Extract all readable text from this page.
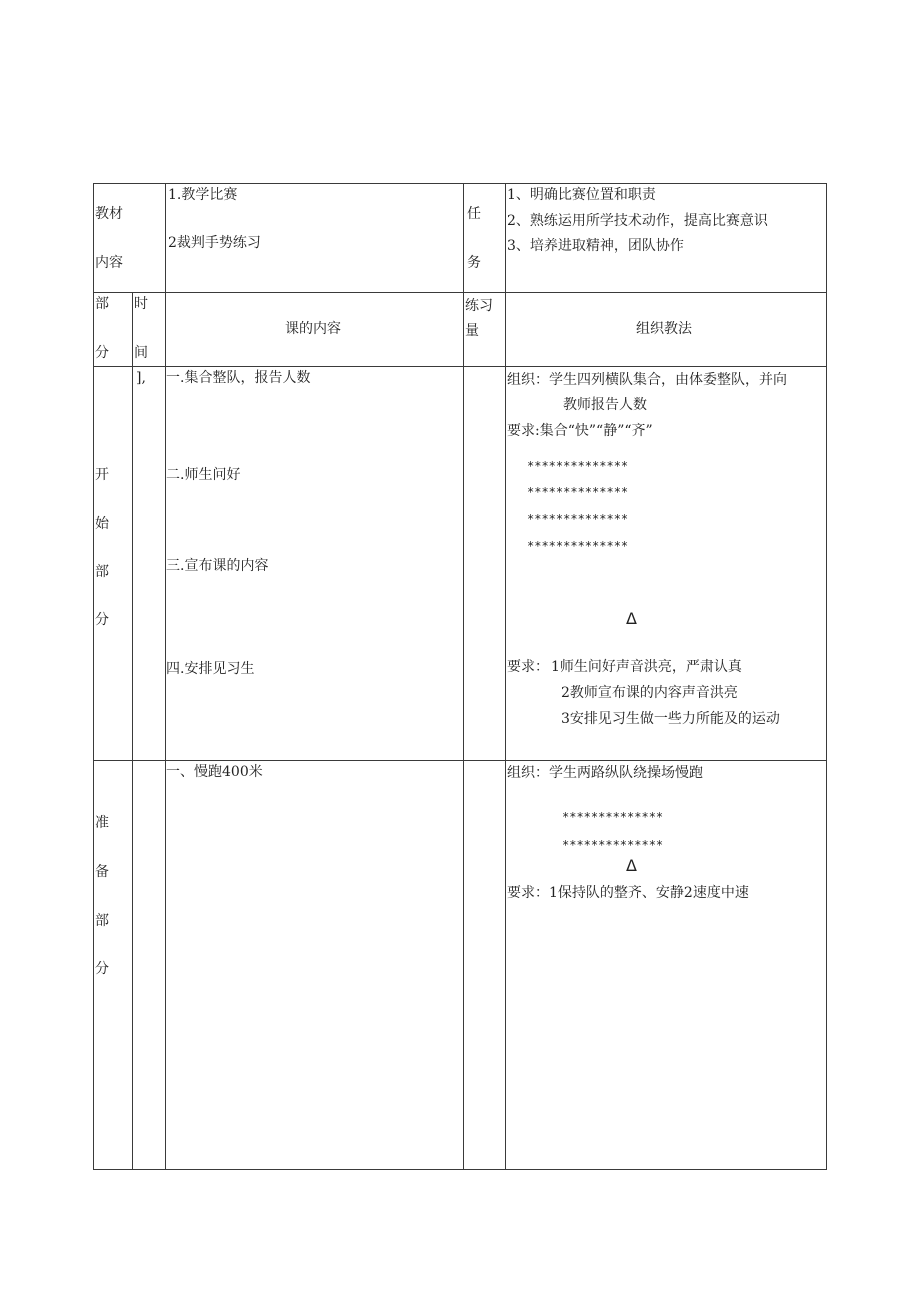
教材
内容
1.教学比赛
2裁判手势练习
任
务
1、明确比赛位置和职责
2、熟练运用所学技术动作，提高比赛意识
3、培养进取精神，团队协作
部
分
时
间
课的内容
练习
量	组织教法
开
始
部
分
], 一.集合整队，报告人数
二.师生问好
三.宣布课的内容
四.安排见习生
组织：学生四列横队集合，由体委整队，并向
教师报告人数
要求:集合“快”“静”“齐”
**************
**************
**************
**************
Δ
要求： 1师生问好声音洪亮，严肃认真
2教师宣布课的内容声音洪亮
3安排见习生做一些力所能及的运动
准
备
部
分
一、慢跑400米	组织：学生两路纵队绕操场慢跑
**************
**************
Δ
要求：1保持队的整齐、安静2速度中速
